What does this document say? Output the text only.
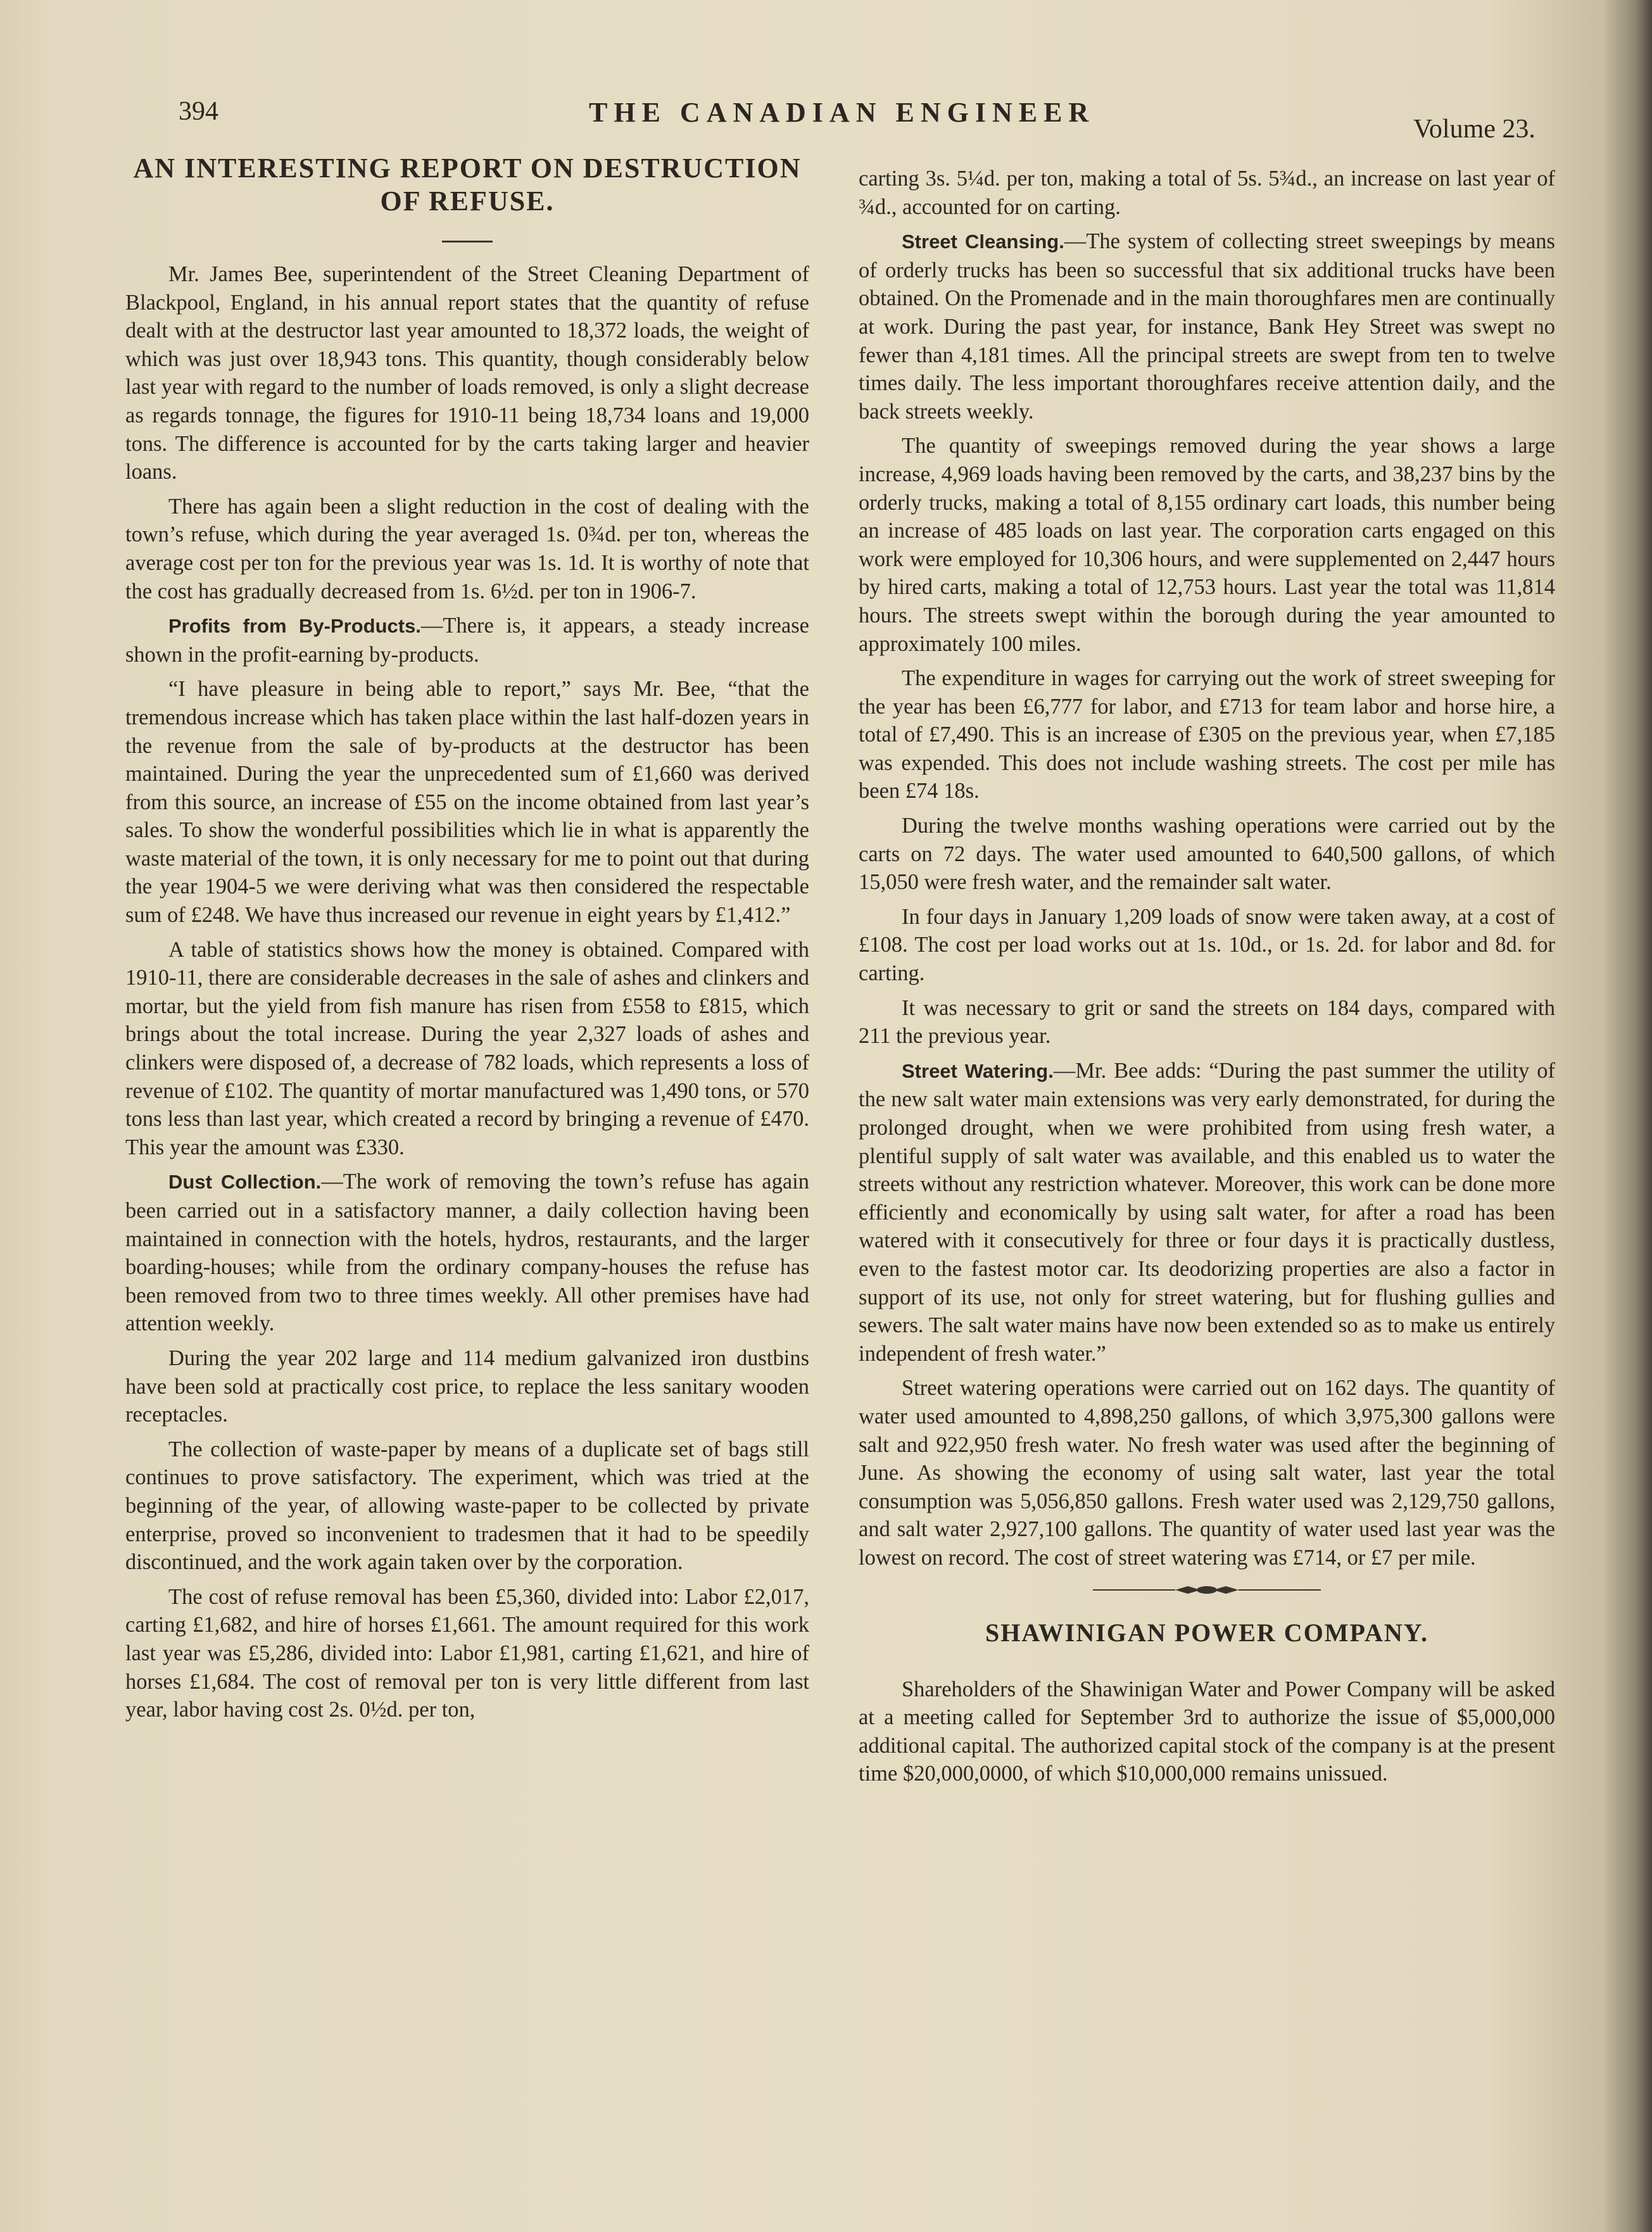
394	THE CANADIAN ENGINEER
Volume 23.
AN INTERESTING REPORT ON DESTRUCTION
OF REFUSE.

Mr. James Bee, superintendent of the Street Cleaning Department of Blackpool, England, in his annual report states that the quantity of refuse dealt with at the destructor last year amounted to 18,372 loads, the weight of which was just over 18,943 tons. This quantity, though considerably below last year with regard to the number of loads removed, is only a slight decrease as regards tonnage, the figures for 1910-11 being 18,734 loans and 19,000 tons. The difference is accounted for by the carts taking larger and heavier loans.

There has again been a slight reduction in the cost of dealing with the town’s refuse, which during the year averaged 1s. 0¾d. per ton, whereas the average cost per ton for the previous year was 1s. 1d. It is worthy of note that the cost has gradually decreased from 1s. 6½d. per ton in 1906-7.

Profits from By-Products.—There is, it appears, a steady increase shown in the profit-earning by-products.

“I have pleasure in being able to report,” says Mr. Bee, “that the tremendous increase which has taken place within the last half-dozen years in the revenue from the sale of by-products at the destructor has been maintained. During the year the unprecedented sum of £1,660 was derived from this source, an increase of £55 on the income obtained from last year’s sales. To show the wonderful possibilities which lie in what is apparently the waste material of the town, it is only necessary for me to point out that during the year 1904-5 we were deriving what was then considered the respectable sum of £248. We have thus increased our revenue in eight years by £1,412.”

A table of statistics shows how the money is obtained. Compared with 1910-11, there are considerable decreases in the sale of ashes and clinkers and mortar, but the yield from fish manure has risen from £558 to £815, which brings about the total increase. During the year 2,327 loads of ashes and clinkers were disposed of, a decrease of 782 loads, which represents a loss of revenue of £102. The quantity of mortar manufactured was 1,490 tons, or 570 tons less than last year, which created a record by bringing a revenue of £470. This year the amount was £330.

Dust Collection.—The work of removing the town’s refuse has again been carried out in a satisfactory manner, a daily collection having been maintained in connection with the hotels, hydros, restaurants, and the larger boarding-houses; while from the ordinary company-houses the refuse has been removed from two to three times weekly. All other premises have had attention weekly.

During the year 202 large and 114 medium galvanized iron dustbins have been sold at practically cost price, to replace the less sanitary wooden receptacles.

The collection of waste-paper by means of a duplicate set of bags still continues to prove satisfactory. The experiment, which was tried at the beginning of the year, of allowing waste-paper to be collected by private enterprise, proved so inconvenient to tradesmen that it had to be speedily discontinued, and the work again taken over by the corporation.

The cost of refuse removal has been £5,360, divided into: Labor £2,017, carting £1,682, and hire of horses £1,661. The amount required for this work last year was £5,286, divided into: Labor £1,981, carting £1,621, and hire of horses £1,684. The cost of removal per ton is very little different from last year, labor having cost 2s. 0½d. per ton,

carting 3s. 5¼d. per ton, making a total of 5s. 5¾d., an increase on last year of ¾d., accounted for on carting.

Street Cleansing.—The system of collecting street sweepings by means of orderly trucks has been so successful that six additional trucks have been obtained. On the Promenade and in the main thoroughfares men are continually at work. During the past year, for instance, Bank Hey Street was swept no fewer than 4,181 times. All the principal streets are swept from ten to twelve times daily. The less important thoroughfares receive attention daily, and the back streets weekly.

The quantity of sweepings removed during the year shows a large increase, 4,969 loads having been removed by the carts, and 38,237 bins by the orderly trucks, making a total of 8,155 ordinary cart loads, this number being an increase of 485 loads on last year. The corporation carts engaged on this work were employed for 10,306 hours, and were supplemented on 2,447 hours by hired carts, making a total of 12,753 hours. Last year the total was 11,814 hours. The streets swept within the borough during the year amounted to approximately 100 miles.

The expenditure in wages for carrying out the work of street sweeping for the year has been £6,777 for labor, and £713 for team labor and horse hire, a total of £7,490. This is an increase of £305 on the previous year, when £7,185 was expended. This does not include washing streets. The cost per mile has been £74 18s.

During the twelve months washing operations were carried out by the carts on 72 days. The water used amounted to 640,500 gallons, of which 15,050 were fresh water, and the remainder salt water.

In four days in January 1,209 loads of snow were taken away, at a cost of £108. The cost per load works out at 1s. 10d., or 1s. 2d. for labor and 8d. for carting.

It was necessary to grit or sand the streets on 184 days, compared with 211 the previous year.

Street Watering.—Mr. Bee adds: “During the past summer the utility of the new salt water main extensions was very early demonstrated, for during the prolonged drought, when we were prohibited from using fresh water, a plentiful supply of salt water was available, and this enabled us to water the streets without any restriction whatever. Moreover, this work can be done more efficiently and economically by using salt water, for after a road has been watered with it consecutively for three or four days it is practically dustless, even to the fastest motor car. Its deodorizing properties are also a factor in support of its use, not only for street watering, but for flushing gullies and sewers. The salt water mains have now been extended so as to make us entirely independent of fresh water.”

Street watering operations were carried out on 162 days. The quantity of water used amounted to 4,898,250 gallons, of which 3,975,300 gallons were salt and 922,950 fresh water. No fresh water was used after the beginning of June. As showing the economy of using salt water, last year the total consumption was 5,056,850 gallons. Fresh water used was 2,129,750 gallons, and salt water 2,927,100 gallons. The quantity of water used last year was the lowest on record. The cost of street watering was £714, or £7 per mile.

SHAWINIGAN POWER COMPANY.

Shareholders of the Shawinigan Water and Power Company will be asked at a meeting called for September 3rd to authorize the issue of $5,000,000 additional capital. The authorized capital stock of the company is at the present time $20,000,0000, of which $10,000,000 remains unissued.
